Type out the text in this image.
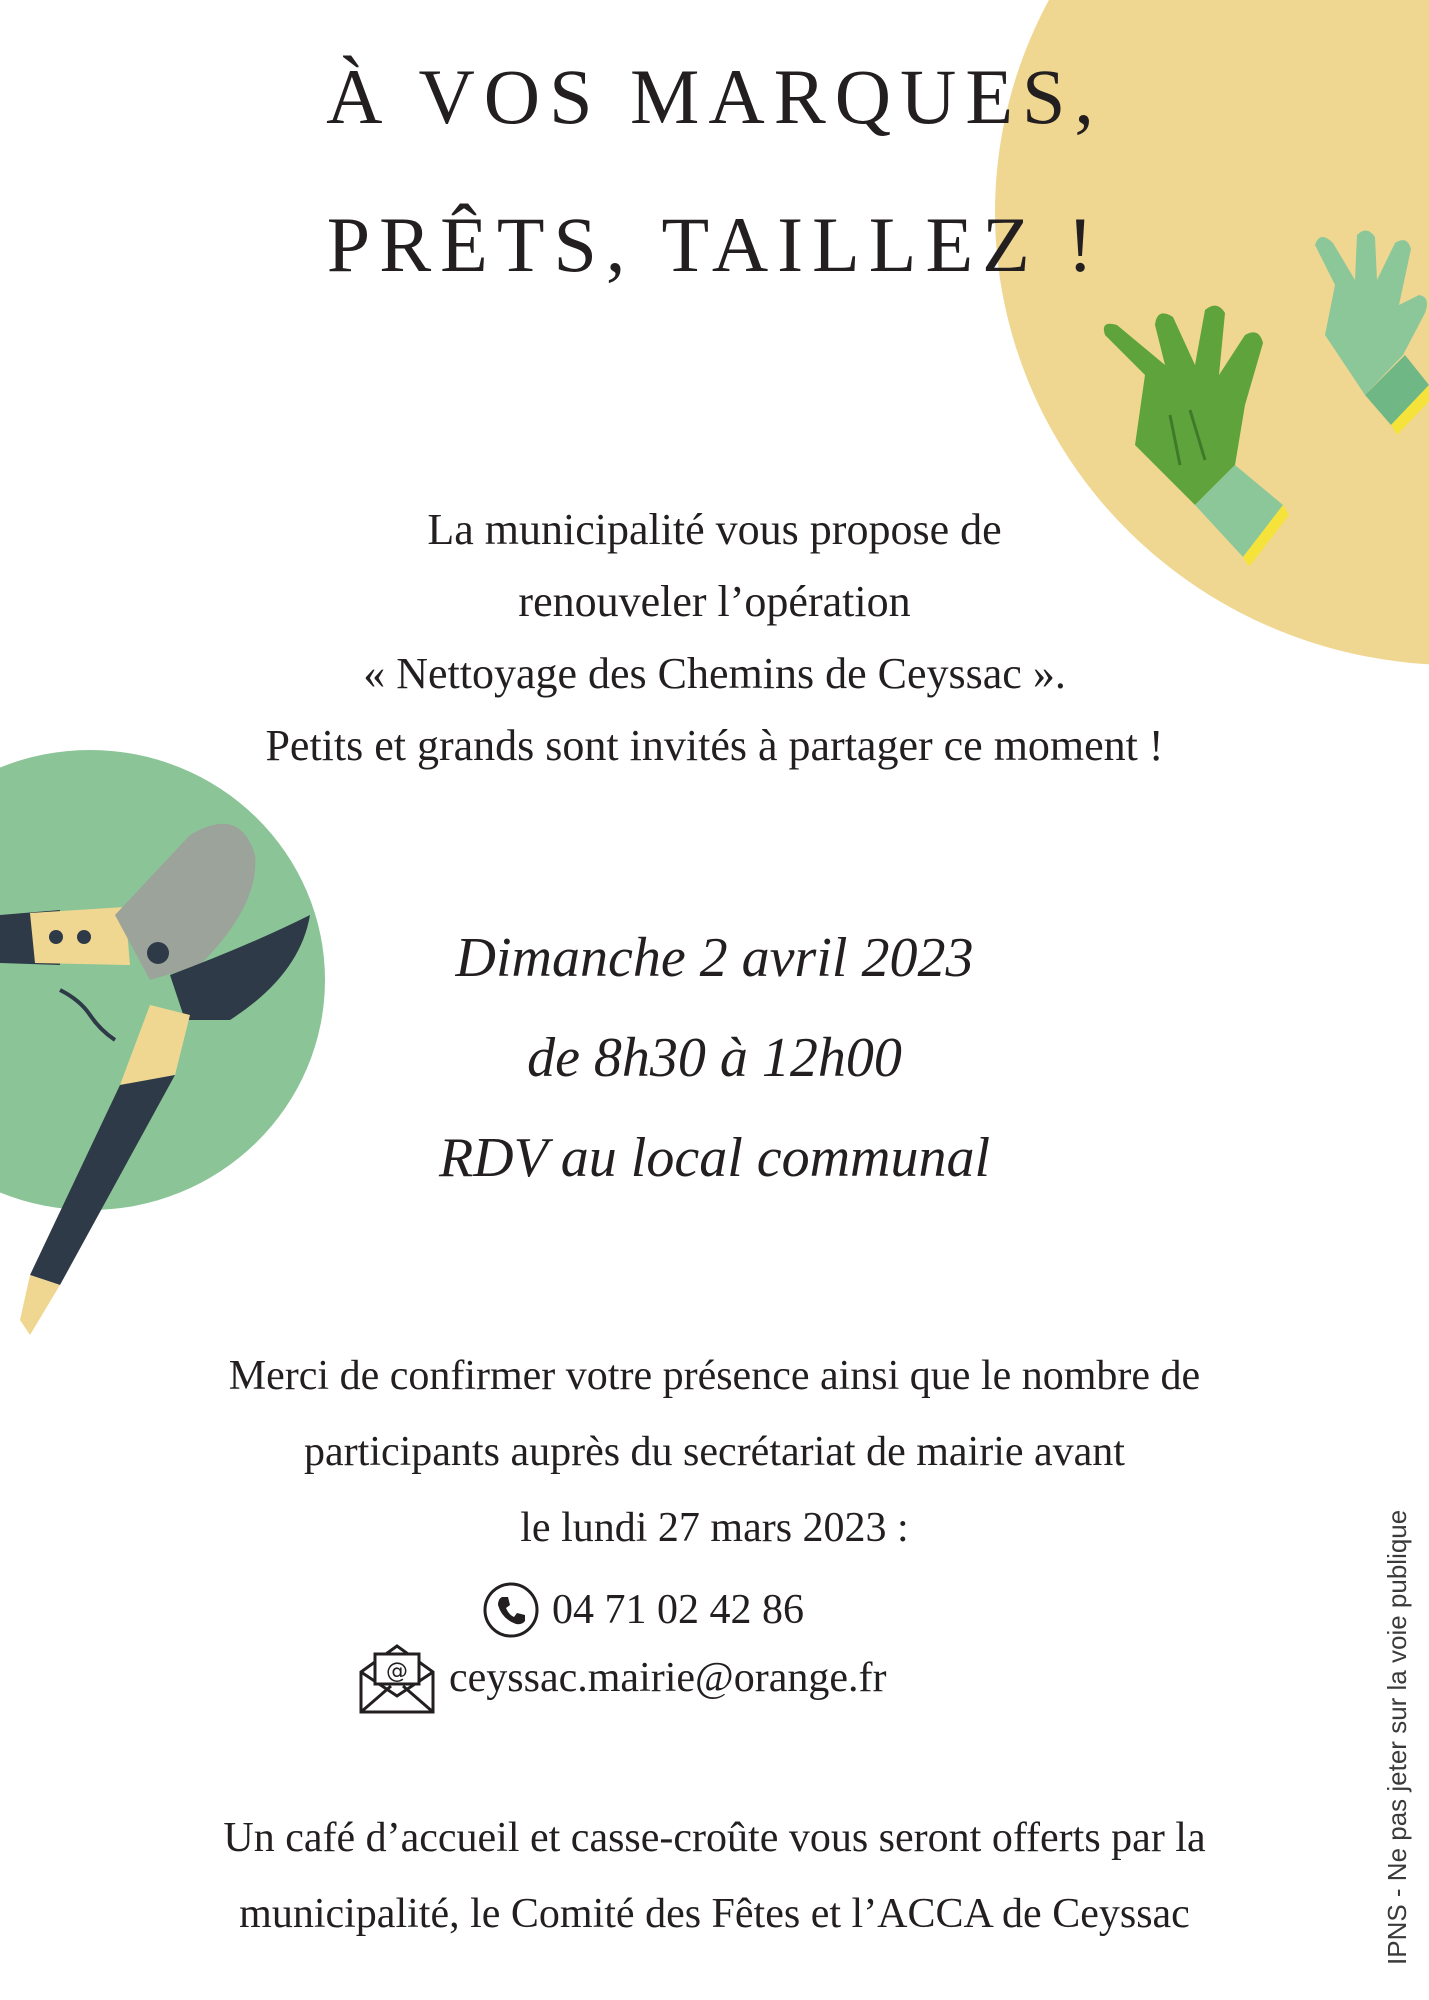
À VOS MARQUES,
PRÊTS, TAILLEZ !
La municipalité vous propose de
renouveler l’opération
« Nettoyage des Chemins de Ceyssac ».
Petits et grands sont invités à partager ce moment !
Dimanche 2 avril 2023
de 8h30 à 12h00
RDV au local communal
Merci de confirmer votre présence ainsi que le nombre de
participants auprès du secrétariat de mairie avant
le lundi 27 mars 2023 :
04 71 02 42 86
@ ceyssac.mairie@orange.fr
Un café d’accueil et casse-croûte vous seront offerts par la
municipalité, le Comité des Fêtes et l’ACCA de Ceyssac	IPNS - Ne pas jeter sur la voie publique
